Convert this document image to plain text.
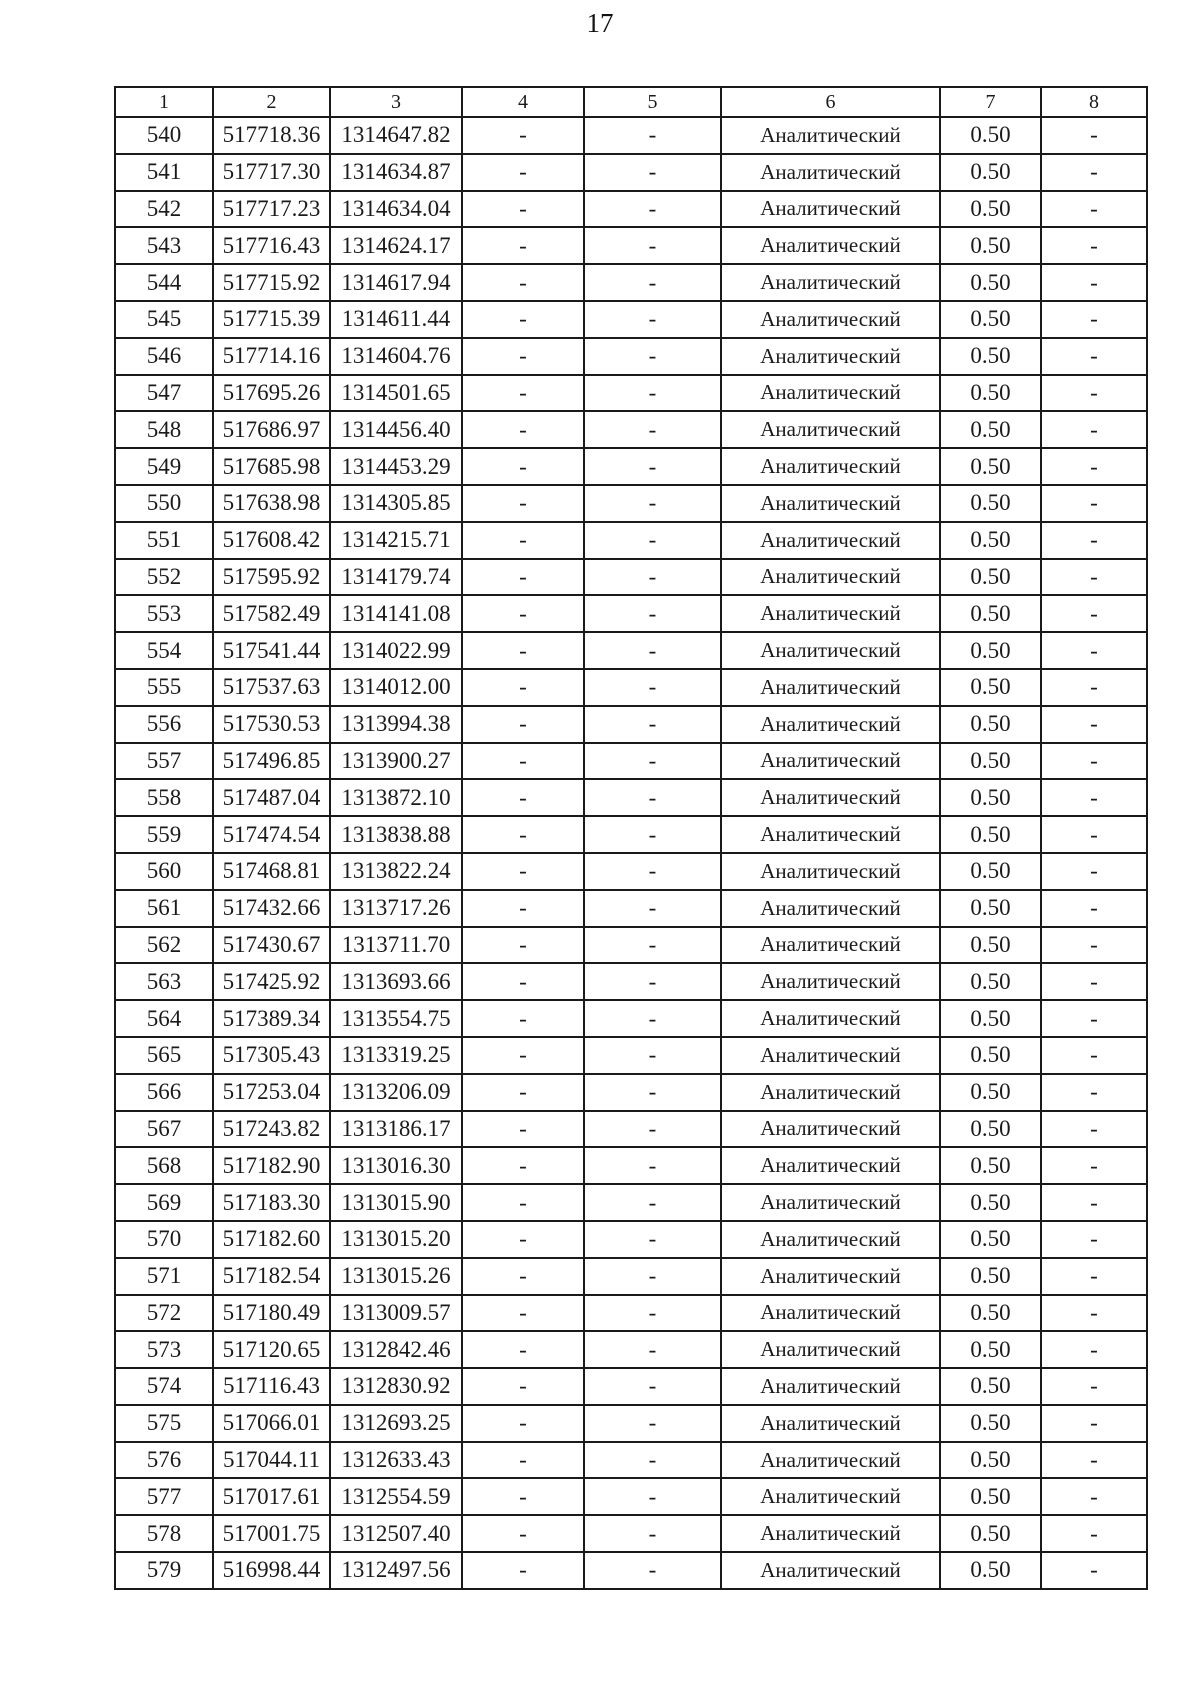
17
1	2	3	4	5	6	7	8
540	517718.36	1314647.82	-	-	Аналитический	0.50	-
541	517717.30	1314634.87	-	-	Аналитический	0.50	-
542	517717.23	1314634.04	-	-	Аналитический	0.50	-
543	517716.43	1314624.17	-	-	Аналитический	0.50	-
544	517715.92	1314617.94	-	-	Аналитический	0.50	-
545	517715.39	1314611.44	-	-	Аналитический	0.50	-
546	517714.16	1314604.76	-	-	Аналитический	0.50	-
547	517695.26	1314501.65	-	-	Аналитический	0.50	-
548	517686.97	1314456.40	-	-	Аналитический	0.50	-
549	517685.98	1314453.29	-	-	Аналитический	0.50	-
550	517638.98	1314305.85	-	-	Аналитический	0.50	-
551	517608.42	1314215.71	-	-	Аналитический	0.50	-
552	517595.92	1314179.74	-	-	Аналитический	0.50	-
553	517582.49	1314141.08	-	-	Аналитический	0.50	-
554	517541.44	1314022.99	-	-	Аналитический	0.50	-
555	517537.63	1314012.00	-	-	Аналитический	0.50	-
556	517530.53	1313994.38	-	-	Аналитический	0.50	-
557	517496.85	1313900.27	-	-	Аналитический	0.50	-
558	517487.04	1313872.10	-	-	Аналитический	0.50	-
559	517474.54	1313838.88	-	-	Аналитический	0.50	-
560	517468.81	1313822.24	-	-	Аналитический	0.50	-
561	517432.66	1313717.26	-	-	Аналитический	0.50	-
562	517430.67	1313711.70	-	-	Аналитический	0.50	-
563	517425.92	1313693.66	-	-	Аналитический	0.50	-
564	517389.34	1313554.75	-	-	Аналитический	0.50	-
565	517305.43	1313319.25	-	-	Аналитический	0.50	-
566	517253.04	1313206.09	-	-	Аналитический	0.50	-
567	517243.82	1313186.17	-	-	Аналитический	0.50	-
568	517182.90	1313016.30	-	-	Аналитический	0.50	-
569	517183.30	1313015.90	-	-	Аналитический	0.50	-
570	517182.60	1313015.20	-	-	Аналитический	0.50	-
571	517182.54	1313015.26	-	-	Аналитический	0.50	-
572	517180.49	1313009.57	-	-	Аналитический	0.50	-
573	517120.65	1312842.46	-	-	Аналитический	0.50	-
574	517116.43	1312830.92	-	-	Аналитический	0.50	-
575	517066.01	1312693.25	-	-	Аналитический	0.50	-
576	517044.11	1312633.43	-	-	Аналитический	0.50	-
577	517017.61	1312554.59	-	-	Аналитический	0.50	-
578	517001.75	1312507.40	-	-	Аналитический	0.50	-
579	516998.44	1312497.56	-	-	Аналитический	0.50	-
